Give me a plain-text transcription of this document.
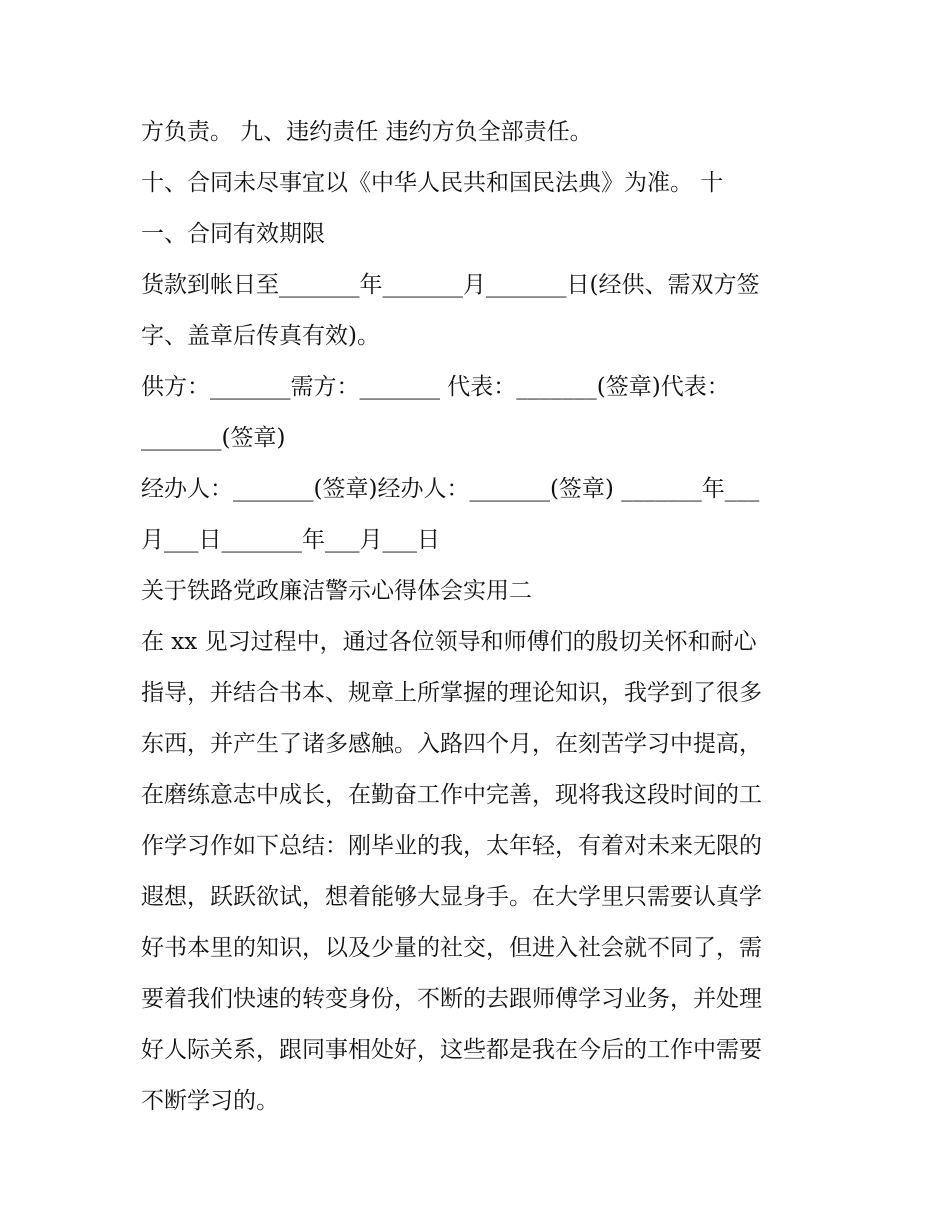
方负责。 九、违约责任 违约方负全部责任。
十、合同未尽事宜以《中华人民共和国民法典》为准。 十
一、合同有效期限
货款到帐日至_______年_______月_______日(经供、需双方签
字、盖章后传真有效)。
供方：_______需方：_______ 代表：_______(签章)代表：
_______(签章)
经办人：_______(签章)经办人：_______(签章) _______年___
月___日_______年___月___日
关于铁路党政廉洁警示心得体会实用二
在 xx 见习过程中，通过各位领导和师傅们的殷切关怀和耐心
指导，并结合书本、规章上所掌握的理论知识，我学到了很多
东西，并产生了诸多感触。入路四个月，在刻苦学习中提高，
在磨练意志中成长，在勤奋工作中完善，现将我这段时间的工
作学习作如下总结：刚毕业的我，太年轻，有着对未来无限的
遐想，跃跃欲试，想着能够大显身手。在大学里只需要认真学
好书本里的知识，以及少量的社交，但进入社会就不同了，需
要着我们快速的转变身份，不断的去跟师傅学习业务，并处理
好人际关系，跟同事相处好，这些都是我在今后的工作中需要
不断学习的。
